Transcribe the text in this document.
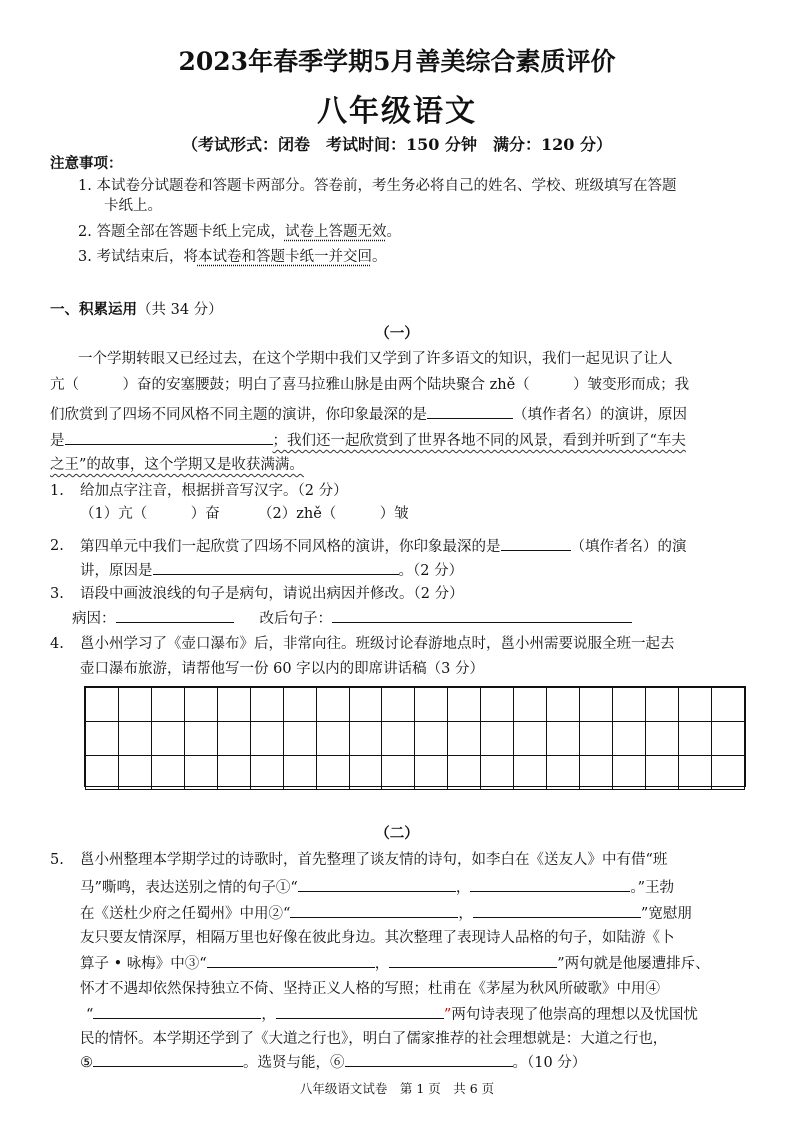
2023年春季学期5月善美综合素质评价
八年级语文
（考试形式：闭卷　考试时间：150 分钟　满分：120 分）
注意事项：
1. 本试卷分试题卷和答题卡两部分。答卷前，考生务必将自己的姓名、学校、班级填写在答题
卡纸上。
2. 答题全部在答题卡纸上完成，试卷上答题无效。
3. 考试结束后，将本试卷和答题卡纸一并交回。
一、积累运用（共 34 分）
（一）
一个学期转眼又已经过去，在这个学期中我们又学到了许多语文的知识，我们一起见识了让人
亢（　　　）奋的安塞腰鼓；明白了喜马拉雅山脉是由两个陆块聚合 zhě（　　　）皱变形而成；我
们欣赏到了四场不同风格不同主题的演讲，你印象最深的是	（填作者名）的演讲，原因
是	；我们还一起欣赏到了世界各地不同的风景，看到并听到了“车夫
之王”的故事，这个学期又是收获满满。
1. 给加点字注音，根据拼音写汉字。（2 分）
（1）亢（　　　）奋	（2）zhě（　　　）皱
2. 第四单元中我们一起欣赏了四场不同风格的演讲，你印象最深的是	（填作者名）的演
讲，原因是	。（2 分）
3. 语段中画波浪线的句子是病句，请说出病因并修改。（2 分）
病因：	改后句子：
4. 邕小州学习了《壶口瀑布》后，非常向往。班级讨论春游地点时，邕小州需要说服全班一起去
壶口瀑布旅游，请帮他写一份 60 字以内的即席讲话稿（3 分）

（二）
5. 邕小州整理本学期学过的诗歌时，首先整理了谈友情的诗句，如李白在《送友人》中有借“班
马”嘶鸣，表达送别之情的句子①“	，	。”王勃
在《送杜少府之任蜀州》中用②“	，	”宽慰朋
友只要友情深厚，相隔万里也好像在彼此身边。其次整理了表现诗人品格的句子，如陆游《卜
算子 • 咏梅》中③“	，	”两句就是他屡遭排斥、
怀才不遇却依然保持独立不倚、坚持正义人格的写照；杜甫在《茅屋为秋风所破歌》中用④
“	，	”两句诗表现了他崇高的理想以及忧国忧
民的情怀。本学期还学到了《大道之行也》，明白了儒家推荐的社会理想就是：大道之行也，
⑤	。选贤与能，⑥	。（10 分）
八年级语文试卷　第 1 页　共 6 页
